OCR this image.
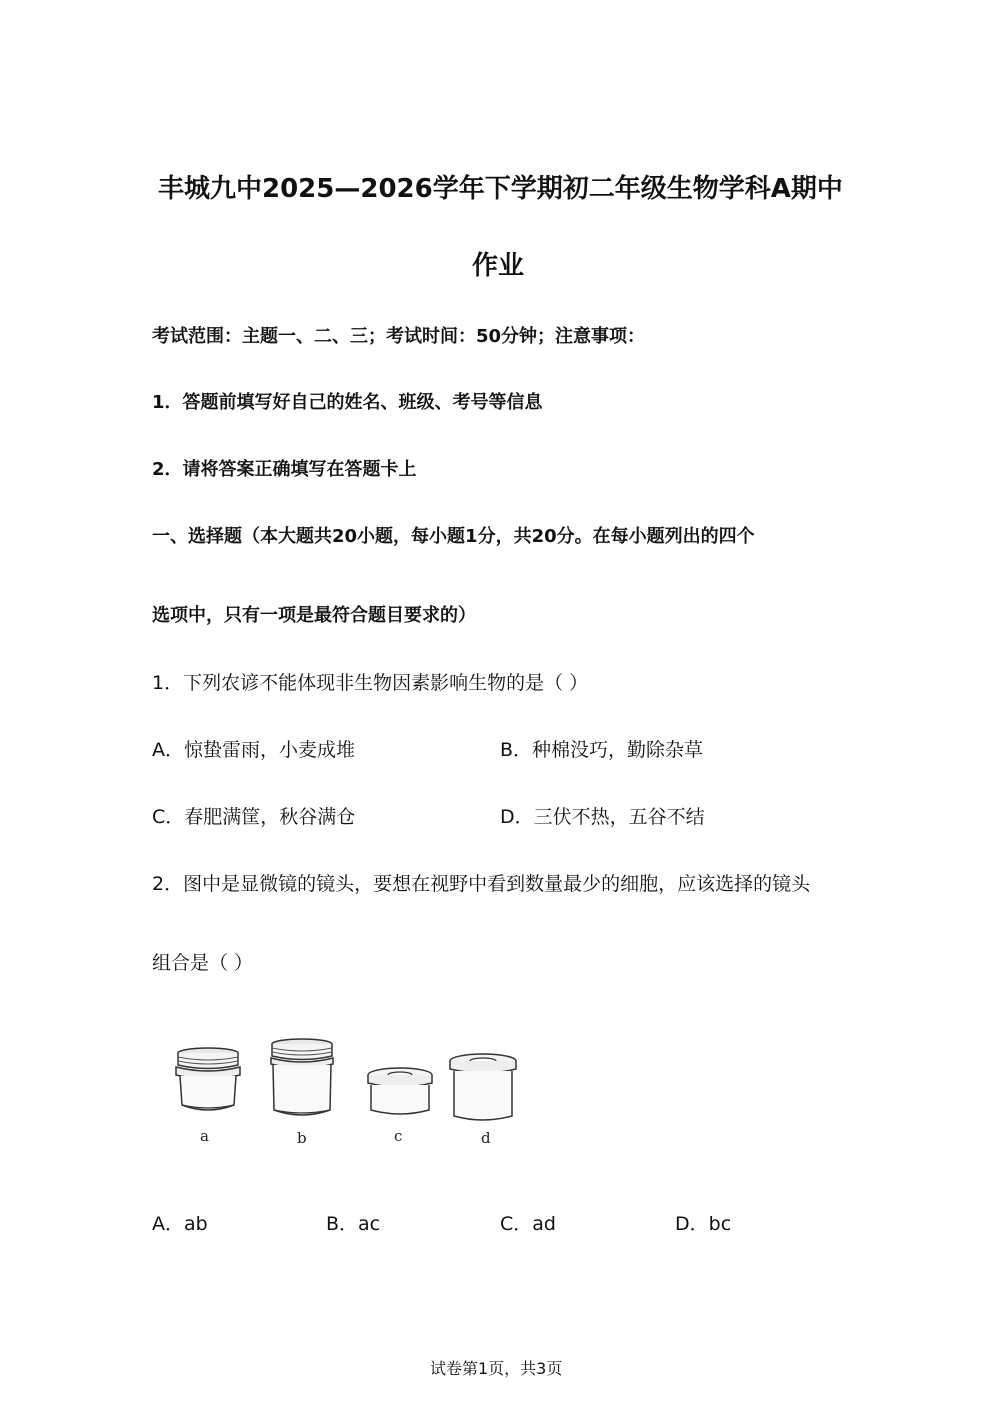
丰城九中2025—2026学年下学期初二年级生物学科A期中
作业
考试范围：主题一、二、三；考试时间：50分钟；注意事项：
1．答题前填写好自己的姓名、班级、考号等信息
2．请将答案正确填写在答题卡上
一、选择题（本大题共20小题，每小题1分，共20分。在每小题列出的四个
选项中，只有一项是最符合题目要求的）
1．下列农谚不能体现非生物因素影响生物的是（ ）
A．惊蛰雷雨，小麦成堆	B．种棉没巧，勤除杂草
C．春肥满筐，秋谷满仓	D．三伏不热，五谷不结
2．图中是显微镜的镜头，要想在视野中看到数量最少的细胞，应该选择的镜头
组合是（ ）
a	b	c	d
A．ab	B．ac	C．ad	D．bc
试卷第1页，共3页
